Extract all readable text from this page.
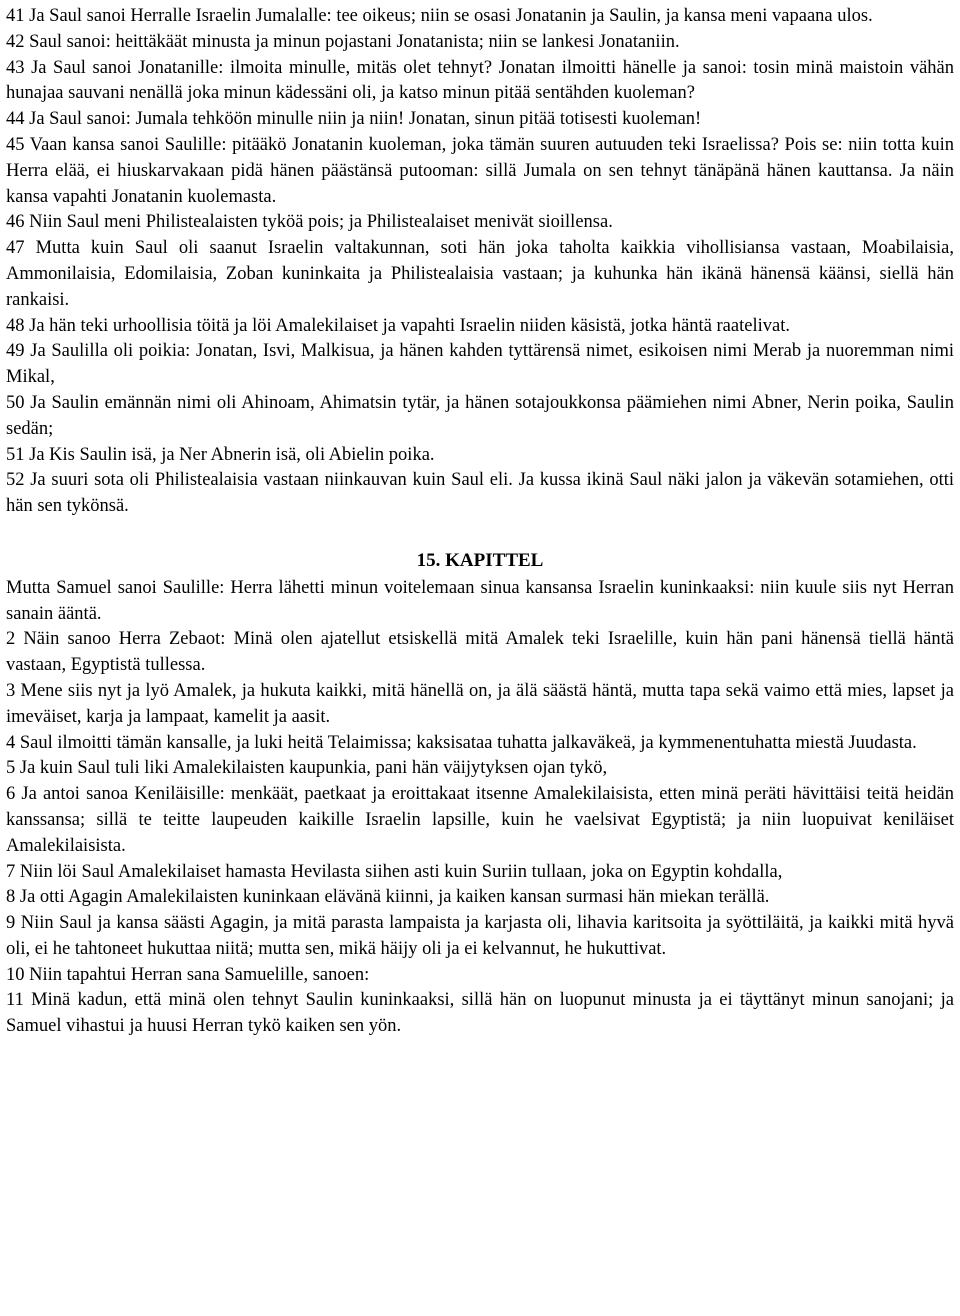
41 Ja Saul sanoi Herralle Israelin Jumalalle: tee oikeus; niin se osasi Jonatanin ja Saulin, ja kansa meni vapaana ulos.

42 Saul sanoi: heittäkäät minusta ja minun pojastani Jonatanista; niin se lankesi Jonataniin.

43 Ja Saul sanoi Jonatanille: ilmoita minulle, mitäs olet tehnyt? Jonatan ilmoitti hänelle ja sanoi: tosin minä maistoin vähän hunajaa sauvani nenällä joka minun kädessäni oli, ja katso minun pitää sentähden kuoleman?

44 Ja Saul sanoi: Jumala tehköön minulle niin ja niin! Jonatan, sinun pitää totisesti kuoleman!

45 Vaan kansa sanoi Saulille: pitääkö Jonatanin kuoleman, joka tämän suuren autuuden teki Israelissa? Pois se: niin totta kuin Herra elää, ei hiuskarvakaan pidä hänen päästänsä putooman: sillä Jumala on sen tehnyt tänäpänä hänen kauttansa. Ja näin kansa vapahti Jonatanin kuolemasta.

46 Niin Saul meni Philistealaisten tyköä pois; ja Philistealaiset menivät sioillensa.

47 Mutta kuin Saul oli saanut Israelin valtakunnan, soti hän joka taholta kaikkia vihollisiansa vastaan, Moabilaisia, Ammonilaisia, Edomilaisia, Zoban kuninkaita ja Philistealaisia vastaan; ja kuhunka hän ikänä hänensä käänsi, siellä hän rankaisi.

48 Ja hän teki urhoollisia töitä ja löi Amalekilaiset ja vapahti Israelin niiden käsistä, jotka häntä raatelivat.

49 Ja Saulilla oli poikia: Jonatan, Isvi, Malkisua, ja hänen kahden tyttärensä nimet, esikoisen nimi Merab ja nuoremman nimi Mikal,

50 Ja Saulin emännän nimi oli Ahinoam, Ahimatsin tytär, ja hänen sotajoukkonsa päämiehen nimi Abner, Nerin poika, Saulin sedän;

51 Ja Kis Saulin isä, ja Ner Abnerin isä, oli Abielin poika.

52 Ja suuri sota oli Philistealaisia vastaan niinkauvan kuin Saul eli. Ja kussa ikinä Saul näki jalon ja väkevän sotamiehen, otti hän sen tykönsä.

15. KAPITTEL

Mutta Samuel sanoi Saulille: Herra lähetti minun voitelemaan sinua kansansa Israelin kuninkaaksi: niin kuule siis nyt Herran sanain ääntä.

2 Näin sanoo Herra Zebaot: Minä olen ajatellut etsiskellä mitä Amalek teki Israelille, kuin hän pani hänensä tiellä häntä vastaan, Egyptistä tullessa.

3 Mene siis nyt ja lyö Amalek, ja hukuta kaikki, mitä hänellä on, ja älä säästä häntä, mutta tapa sekä vaimo että mies, lapset ja imeväiset, karja ja lampaat, kamelit ja aasit.

4 Saul ilmoitti tämän kansalle, ja luki heitä Telaimissa; kaksisataa tuhatta jalkaväkeä, ja kymmenentuhatta miestä Juudasta.

5 Ja kuin Saul tuli liki Amalekilaisten kaupunkia, pani hän väijytyksen ojan tykö,

6 Ja antoi sanoa Keniläisille: menkäät, paetkaat ja eroittakaat itsenne Amalekilaisista, etten minä peräti hävittäisi teitä heidän kanssansa; sillä te teitte laupeuden kaikille Israelin lapsille, kuin he vaelsivat Egyptistä; ja niin luopuivat keniläiset Amalekilaisista.

7 Niin löi Saul Amalekilaiset hamasta Hevilasta siihen asti kuin Suriin tullaan, joka on Egyptin kohdalla,

8 Ja otti Agagin Amalekilaisten kuninkaan elävänä kiinni, ja kaiken kansan surmasi hän miekan terällä.

9 Niin Saul ja kansa säästi Agagin, ja mitä parasta lampaista ja karjasta oli, lihavia karitsoita ja syöttiläitä, ja kaikki mitä hyvä oli, ei he tahtoneet hukuttaa niitä; mutta sen, mikä häijy oli ja ei kelvannut, he hukuttivat.

10 Niin tapahtui Herran sana Samuelille, sanoen:

11 Minä kadun, että minä olen tehnyt Saulin kuninkaaksi, sillä hän on luopunut minusta ja ei täyttänyt minun sanojani; ja Samuel vihastui ja huusi Herran tykö kaiken sen yön.
